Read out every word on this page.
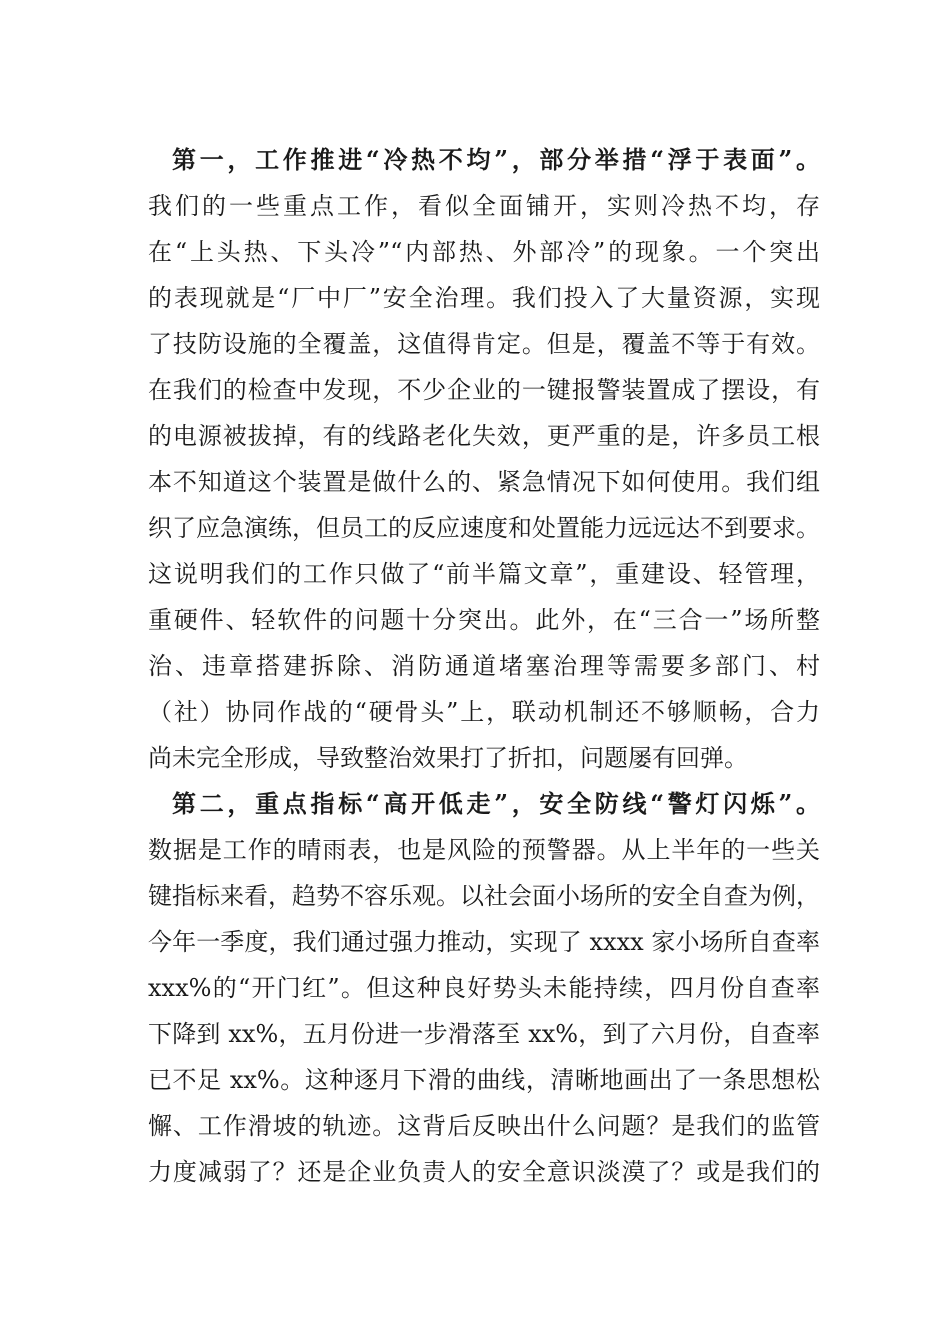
第一，工作推进“冷热不均”，部分举措“浮于表面”。
我们的一些重点工作，看似全面铺开，实则冷热不均，存
在“上头热、下头冷”“内部热、外部冷”的现象。一个突出
的表现就是“厂中厂”安全治理。我们投入了大量资源，实现
了技防设施的全覆盖，这值得肯定。但是，覆盖不等于有效。
在我们的检查中发现，不少企业的一键报警装置成了摆设，有
的电源被拔掉，有的线路老化失效，更严重的是，许多员工根
本不知道这个装置是做什么的、紧急情况下如何使用。我们组
织了应急演练，但员工的反应速度和处置能力远远达不到要求。
这说明我们的工作只做了“前半篇文章”，重建设、轻管理，
重硬件、轻软件的问题十分突出。此外，在“三合一”场所整
治、违章搭建拆除、消防通道堵塞治理等需要多部门、村
（社）协同作战的“硬骨头”上，联动机制还不够顺畅，合力
尚未完全形成，导致整治效果打了折扣，问题屡有回弹。
第二，重点指标“高开低走”，安全防线“警灯闪烁”。
数据是工作的晴雨表，也是风险的预警器。从上半年的一些关
键指标来看，趋势不容乐观。以社会面小场所的安全自查为例，
今年一季度，我们通过强力推动，实现了 xxxx 家小场所自查率
xxx%的“开门红”。但这种良好势头未能持续，四月份自查率
下降到 xx%，五月份进一步滑落至 xx%，到了六月份，自查率
已不足 xx%。这种逐月下滑的曲线，清晰地画出了一条思想松
懈、工作滑坡的轨迹。这背后反映出什么问题？是我们的监管
力度减弱了？还是企业负责人的安全意识淡漠了？或是我们的
